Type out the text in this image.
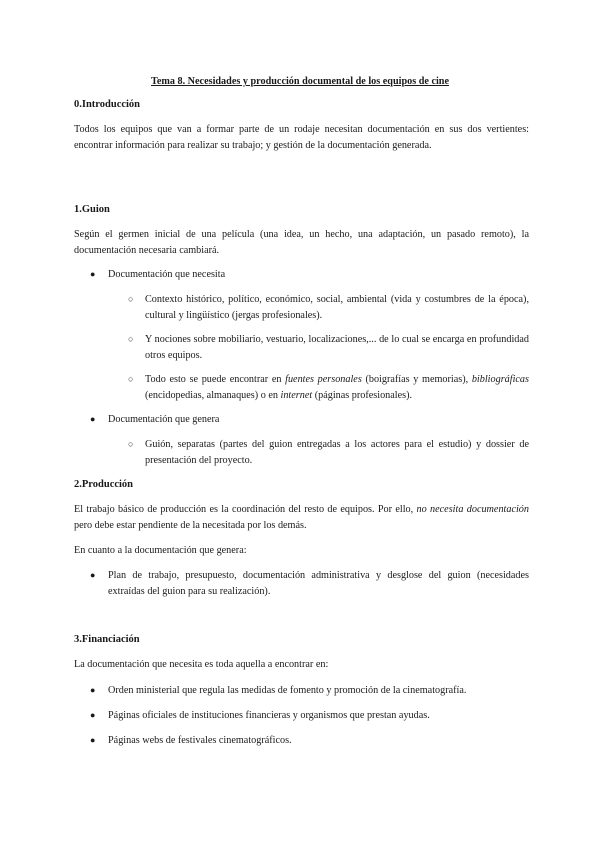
Tema 8. Necesidades y producción documental de los equipos de cine
0.Introducción

Todos los equipos que van a formar parte de un rodaje necesitan documentación en sus dos vertientes: encontrar información para realizar su trabajo; y gestión de la documentación generada.

1.Guion

Según el germen inicial de una película (una idea, un hecho, una adaptación, un pasado remoto), la documentación necesaria cambiará.

●	Documentación que necesita

○	Contexto histórico, político, económico, social, ambiental (vida y costumbres de la época), cultural y lingüístico (jergas profesionales).

○	Y nociones sobre mobiliario, vestuario, localizaciones,... de lo cual se encarga en profundidad otros equipos.

○	Todo esto se puede encontrar en fuentes personales (boigrafías y memorias), bibliográficas (encidopedias, almanaques) o en internet (páginas profesionales).

●	Documentación que genera

○	Guión, separatas (partes del guion entregadas a los actores para el estudio) y dossier de presentación del proyecto.

2.Producción

El trabajo básico de producción es la coordinación del resto de equipos. Por ello, no necesita documentación pero debe estar pendiente de la necesitada por los demás.

En cuanto a la documentación que genera:

●	Plan de trabajo, presupuesto, documentación administrativa y desglose del guion (necesidades extraídas del guion para su realización).

3.Financiación

La documentación que necesita es toda aquella a encontrar en:

●	Orden ministerial que regula las medidas de fomento y promoción de la cinematografía.

●	Páginas oficiales de instituciones financieras y organismos que prestan ayudas.

●	Páginas webs de festivales cinematográficos.
